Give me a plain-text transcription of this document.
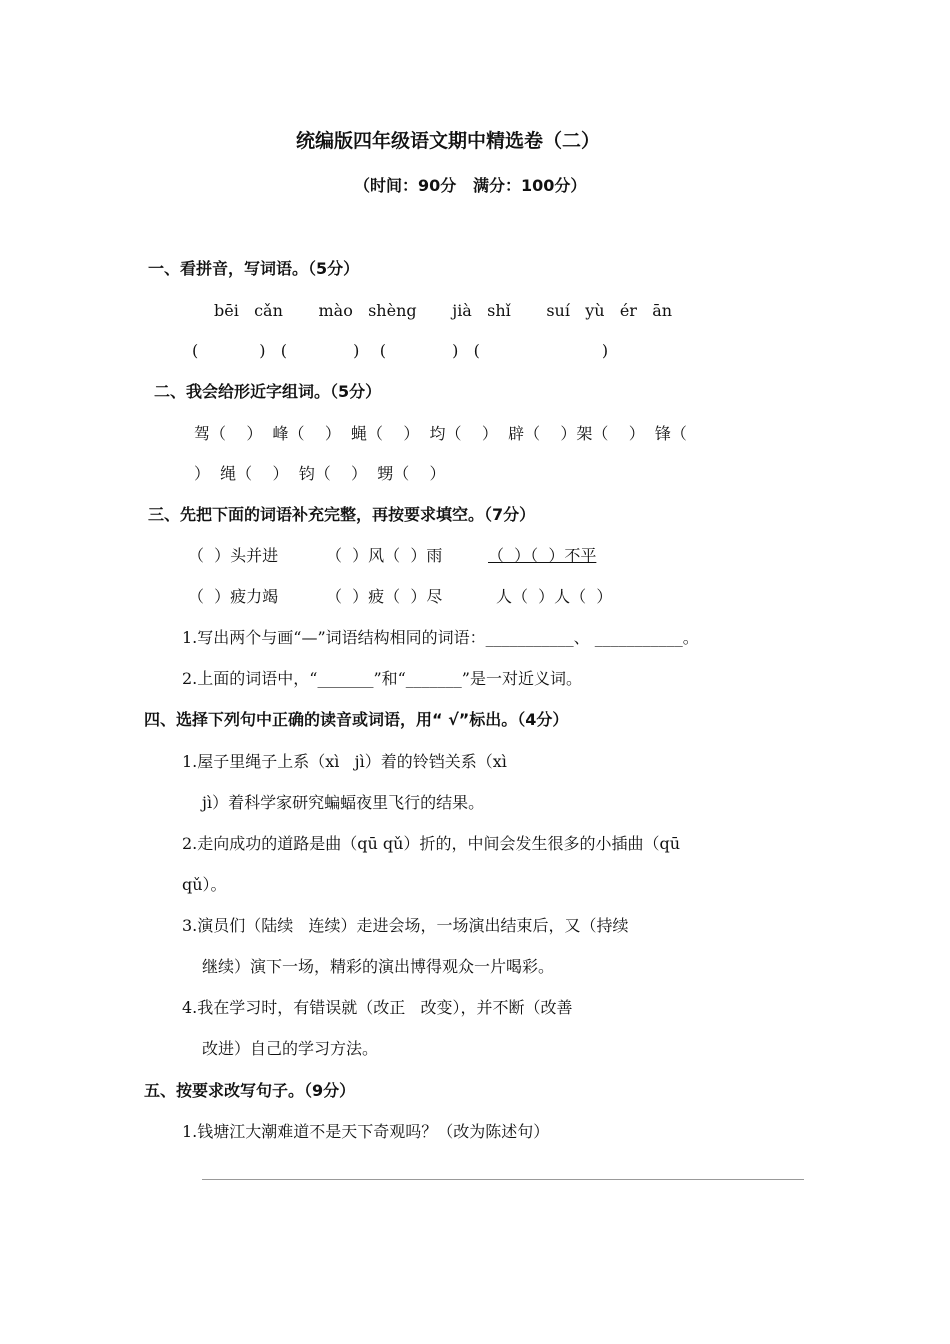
统编版四年级语文期中精选卷（二）
（时间：90分   满分：100分）
一、看拼音，写词语。（5分）
bēi   cǎn       mào   shèng       jià   shǐ       suí   yù   ér   ān
(            )   (             )    (             )   (                        )
二、我会给形近字组词。（5分）
驾（    ）  峰（    ）  蝇（    ）  均（    ）  辟（    ）架（    ）  锋（
）  绳（    ）  钧（    ）  甥（    ）
三、先把下面的词语补充完整，再按要求填空。（7分）
（  ）头并进	（  ）风（  ）雨	（  ）（  ）不平
（  ）疲力竭	（  ）疲（  ）尽	人（  ）人（  ）
1.写出两个与画“—”词语结构相同的词语：___________、 ___________。
2.上面的词语中，“_______”和“_______”是一对近义词。
四、选择下列句中正确的读音或词语，用“ √”标出。（4分）
1.屋子里绳子上系（xì   jì）着的铃铛关系（xì
jì）着科学家研究蝙蝠夜里飞行的结果。
2.走向成功的道路是曲（qū qǔ）折的，中间会发生很多的小插曲（qū
qǔ）。
3.演员们（陆续   连续）走进会场，一场演出结束后，又（持续
继续）演下一场，精彩的演出博得观众一片喝彩。
4.我在学习时，有错误就（改正   改变），并不断（改善
改进）自己的学习方法。
五、按要求改写句子。（9分）
1.钱塘江大潮难道不是天下奇观吗？（改为陈述句）
